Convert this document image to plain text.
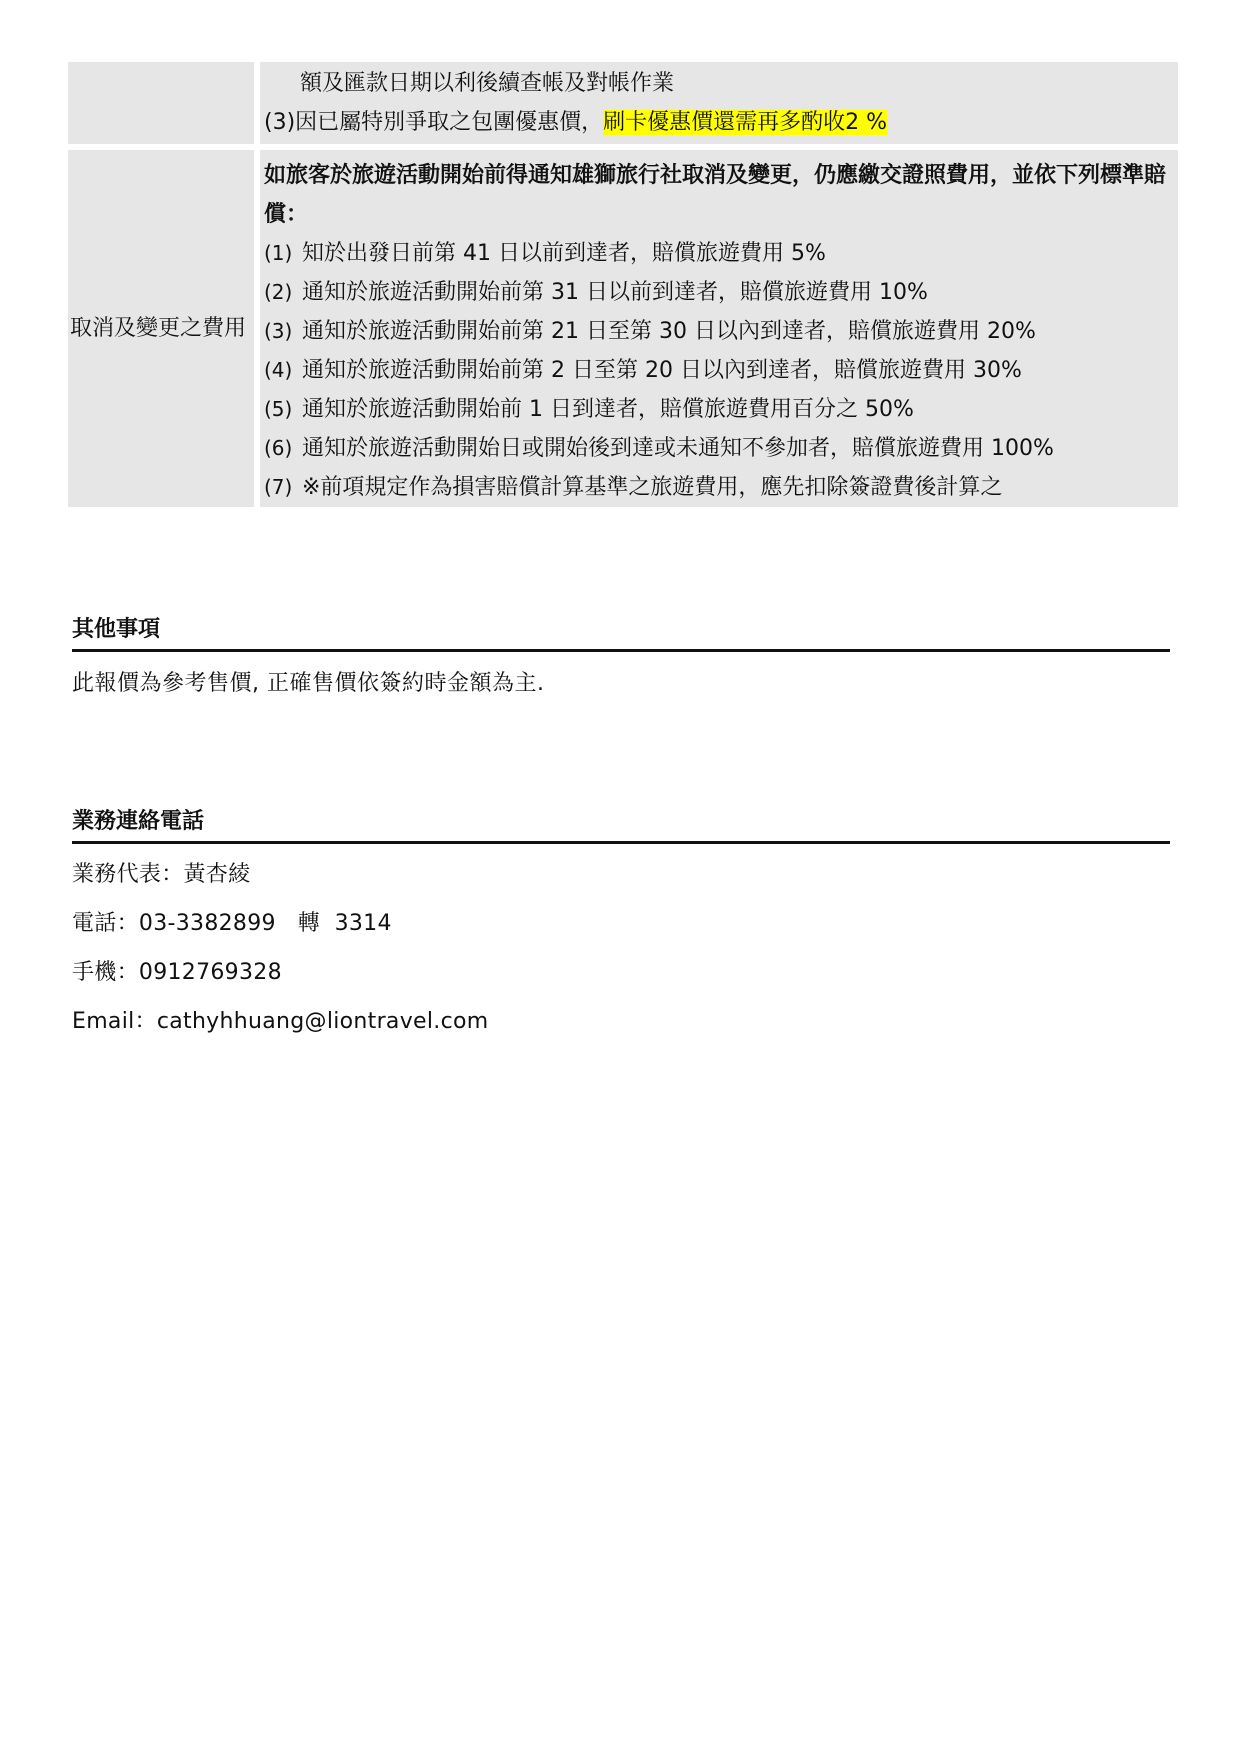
額及匯款日期以利後續查帳及對帳作業
(3)因已屬特別爭取之包團優惠價，刷卡優惠價還需再多酌收2 %
取消及變更之費用
如旅客於旅遊活動開始前得通知雄獅旅行社取消及變更，仍應繳交證照費用，並依下列標準賠償：
(1) 知於出發日前第 41 日以前到達者，賠償旅遊費用 5%
(2) 通知於旅遊活動開始前第 31 日以前到達者，賠償旅遊費用 10%
(3) 通知於旅遊活動開始前第 21 日至第 30 日以內到達者，賠償旅遊費用 20%
(4) 通知於旅遊活動開始前第 2 日至第 20 日以內到達者，賠償旅遊費用 30%
(5) 通知於旅遊活動開始前 1 日到達者，賠償旅遊費用百分之 50%
(6) 通知於旅遊活動開始日或開始後到達或未通知不參加者，賠償旅遊費用 100%
(7) ※前項規定作為損害賠償計算基準之旅遊費用，應先扣除簽證費後計算之
其他事項
此報價為參考售價, 正確售價依簽約時金額為主.
業務連絡電話
業務代表：黃杏綾
電話：03-3382899   轉  3314
手機：0912769328
Email：cathyhhuang@liontravel.com
